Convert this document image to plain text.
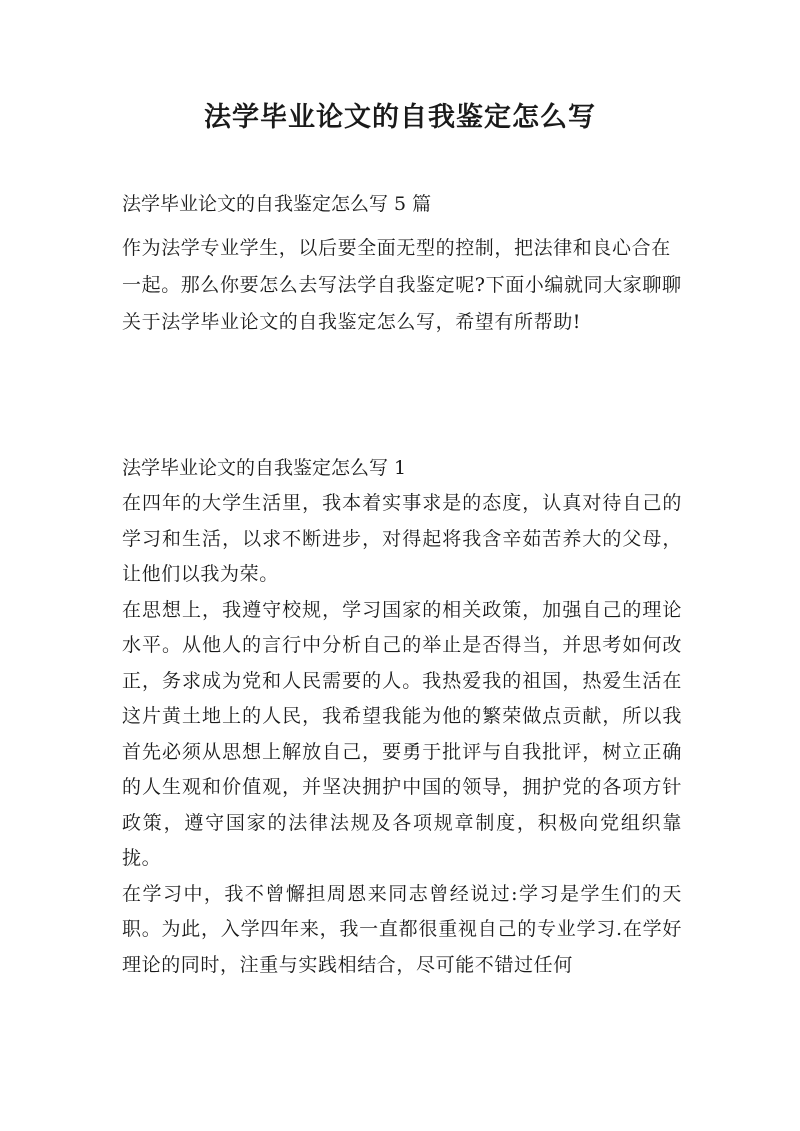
法学毕业论文的自我鉴定怎么写

法学毕业论文的自我鉴定怎么写 5 篇

作为法学专业学生，以后要全面无型的控制，把法律和良心合在一起。那么你要怎么去写法学自我鉴定呢?下面小编就同大家聊聊关于法学毕业论文的自我鉴定怎么写，希望有所帮助!

法学毕业论文的自我鉴定怎么写 1

在四年的大学生活里，我本着实事求是的态度，认真对待自己的学习和生活，以求不断进步，对得起将我含辛茹苦养大的父母，让他们以我为荣。

在思想上，我遵守校规，学习国家的相关政策，加强自己的理论水平。从他人的言行中分析自己的举止是否得当，并思考如何改正，务求成为党和人民需要的人。我热爱我的祖国，热爱生活在这片黄土地上的人民，我希望我能为他的繁荣做点贡献，所以我首先必须从思想上解放自己，要勇于批评与自我批评，树立正确的人生观和价值观，并坚决拥护中国的领导，拥护党的各项方针政策，遵守国家的法律法规及各项规章制度，积极向党组织靠拢。

在学习中，我不曾懈担周恩来同志曾经说过:学习是学生们的天职。为此，入学四年来，我一直都很重视自己的专业学习.在学好理论的同时，注重与实践相结合，尽可能不错过任何
